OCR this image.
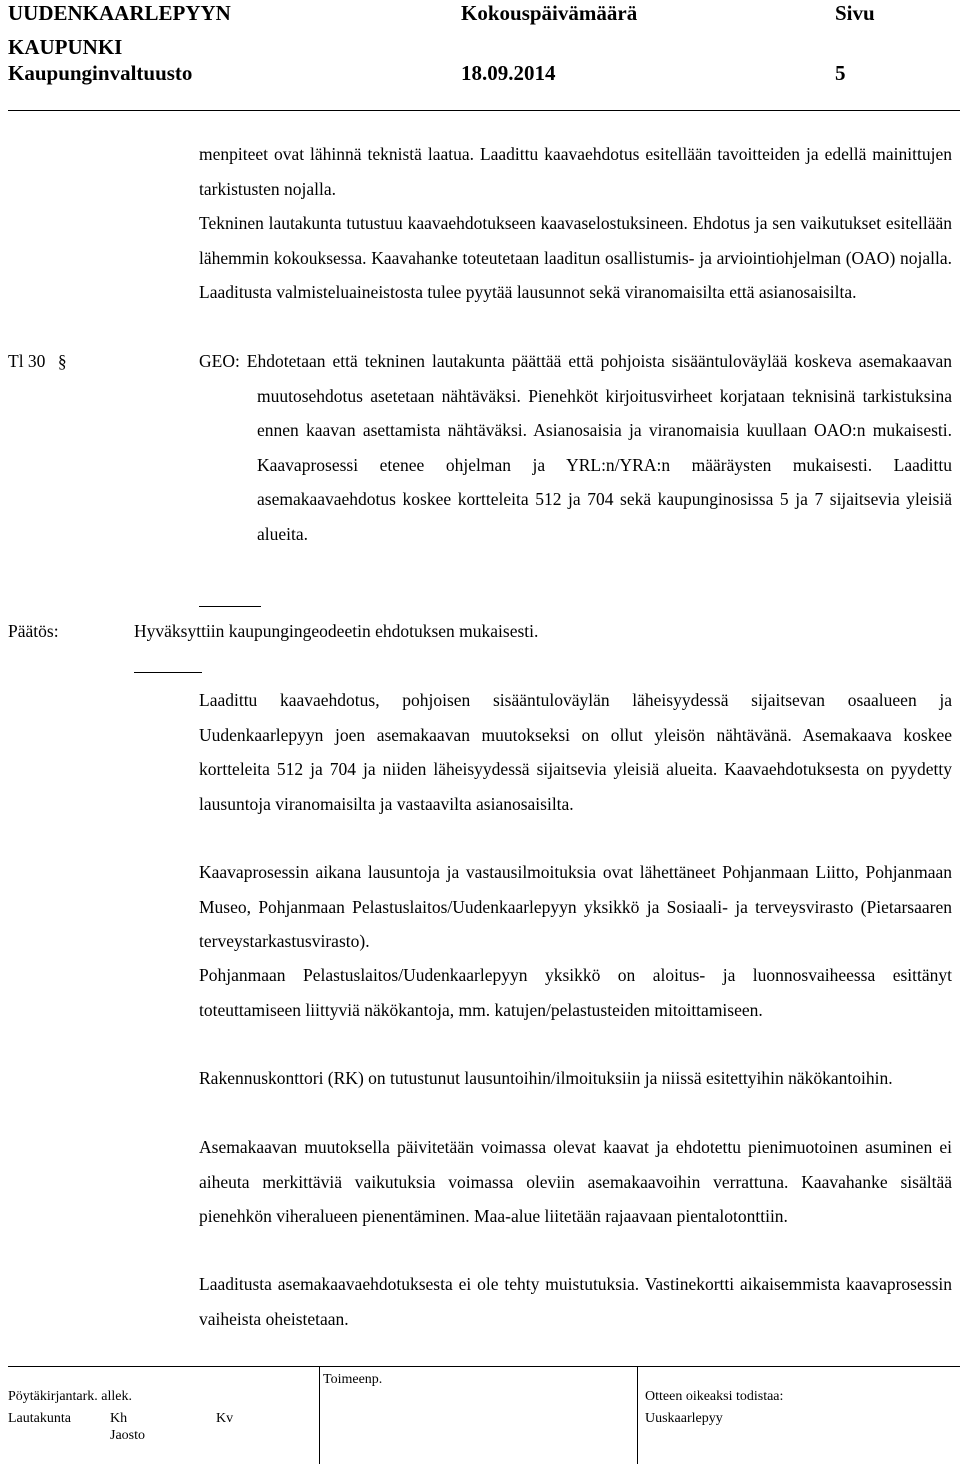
UUDENKAARLEPYYN
KAUPUNKI
Kaupunginvaltuusto
Kokouspäivämäärä
18.09.2014
Sivu
5
menpiteet ovat lähinnä teknistä laatua. Laadittu kaavaehdotus esitellään tavoitteiden ja edellä mainittujen tarkistusten nojalla.
Tekninen lautakunta tutustuu kaavaehdotukseen kaavaselostuksineen. Ehdotus ja sen vaikutukset esitellään lähemmin kokouksessa. Kaavahanke toteutetaan laaditun osallistumis- ja arviointiohjelman (OAO) nojalla. Laaditusta valmisteluaineistosta tulee pyytää lausunnot sekä viranomaisilta että asianosaisilta.
Tl 30 §	GEO: Ehdotetaan että tekninen lautakunta päättää että pohjoista sisääntuloväylää koskeva asemakaavan muutosehdotus asetetaan nähtäväksi. Pienehköt kirjoitusvirheet korjataan teknisinä tarkistuksina ennen kaavan asettamista nähtäväksi. Asianosaisia ja viranomaisia kuullaan OAO:n mukaisesti. Kaavaprosessi etenee ohjelman ja YRL:n/YRA:n määräysten mukaisesti. Laadittu asemakaavaehdotus koskee kortteleita 512 ja 704 sekä kaupunginosissa 5 ja 7 sijaitsevia yleisiä alueita.
Päätös:	Hyväksyttiin kaupungingeodeetin ehdotuksen mukaisesti.
Laadittu kaavaehdotus, pohjoisen sisääntuloväylän läheisyydessä sijaitsevan osaalueen ja Uudenkaarlepyyn joen asemakaavan muutokseksi on ollut yleisön nähtävänä. Asemakaava koskee kortteleita 512 ja 704 ja niiden läheisyydessä sijaitsevia yleisiä alueita. Kaavaehdotuksesta on pyydetty lausuntoja viranomaisilta ja vastaavilta asianosaisilta.
Kaavaprosessin aikana lausuntoja ja vastausilmoituksia ovat lähettäneet Pohjanmaan Liitto, Pohjanmaan Museo, Pohjanmaan Pelastuslaitos/Uudenkaarlepyyn yksikkö ja Sosiaali- ja terveysvirasto (Pietarsaaren terveystarkastusvirasto).
Pohjanmaan Pelastuslaitos/Uudenkaarlepyyn yksikkö on aloitus- ja luonnosvaiheessa esittänyt toteuttamiseen liittyviä näkökantoja, mm. katujen/pelastusteiden mitoittamiseen.
Rakennuskonttori (RK) on tutustunut lausuntoihin/ilmoituksiin ja niissä esitettyihin näkökantoihin.
Asemakaavan muutoksella päivitetään voimassa olevat kaavat ja ehdotettu pienimuotoinen asuminen ei aiheuta merkittäviä vaikutuksia voimassa oleviin asemakaavoihin verrattuna. Kaavahanke sisältää pienehkön viheralueen pienentäminen. Maa-alue liitetään rajaavaan pientalotonttiin.
Laaditusta asemakaavaehdotuksesta ei ole tehty muistutuksia. Vastinekortti aikaisemmista kaavaprosessin vaiheista oheistetaan.
Pöytäkirjantark. allek.
Lautakunta	Kh	Kv
Jaosto
Toimeenp.
Otteen oikeaksi todistaa:
Uuskaarlepyy
